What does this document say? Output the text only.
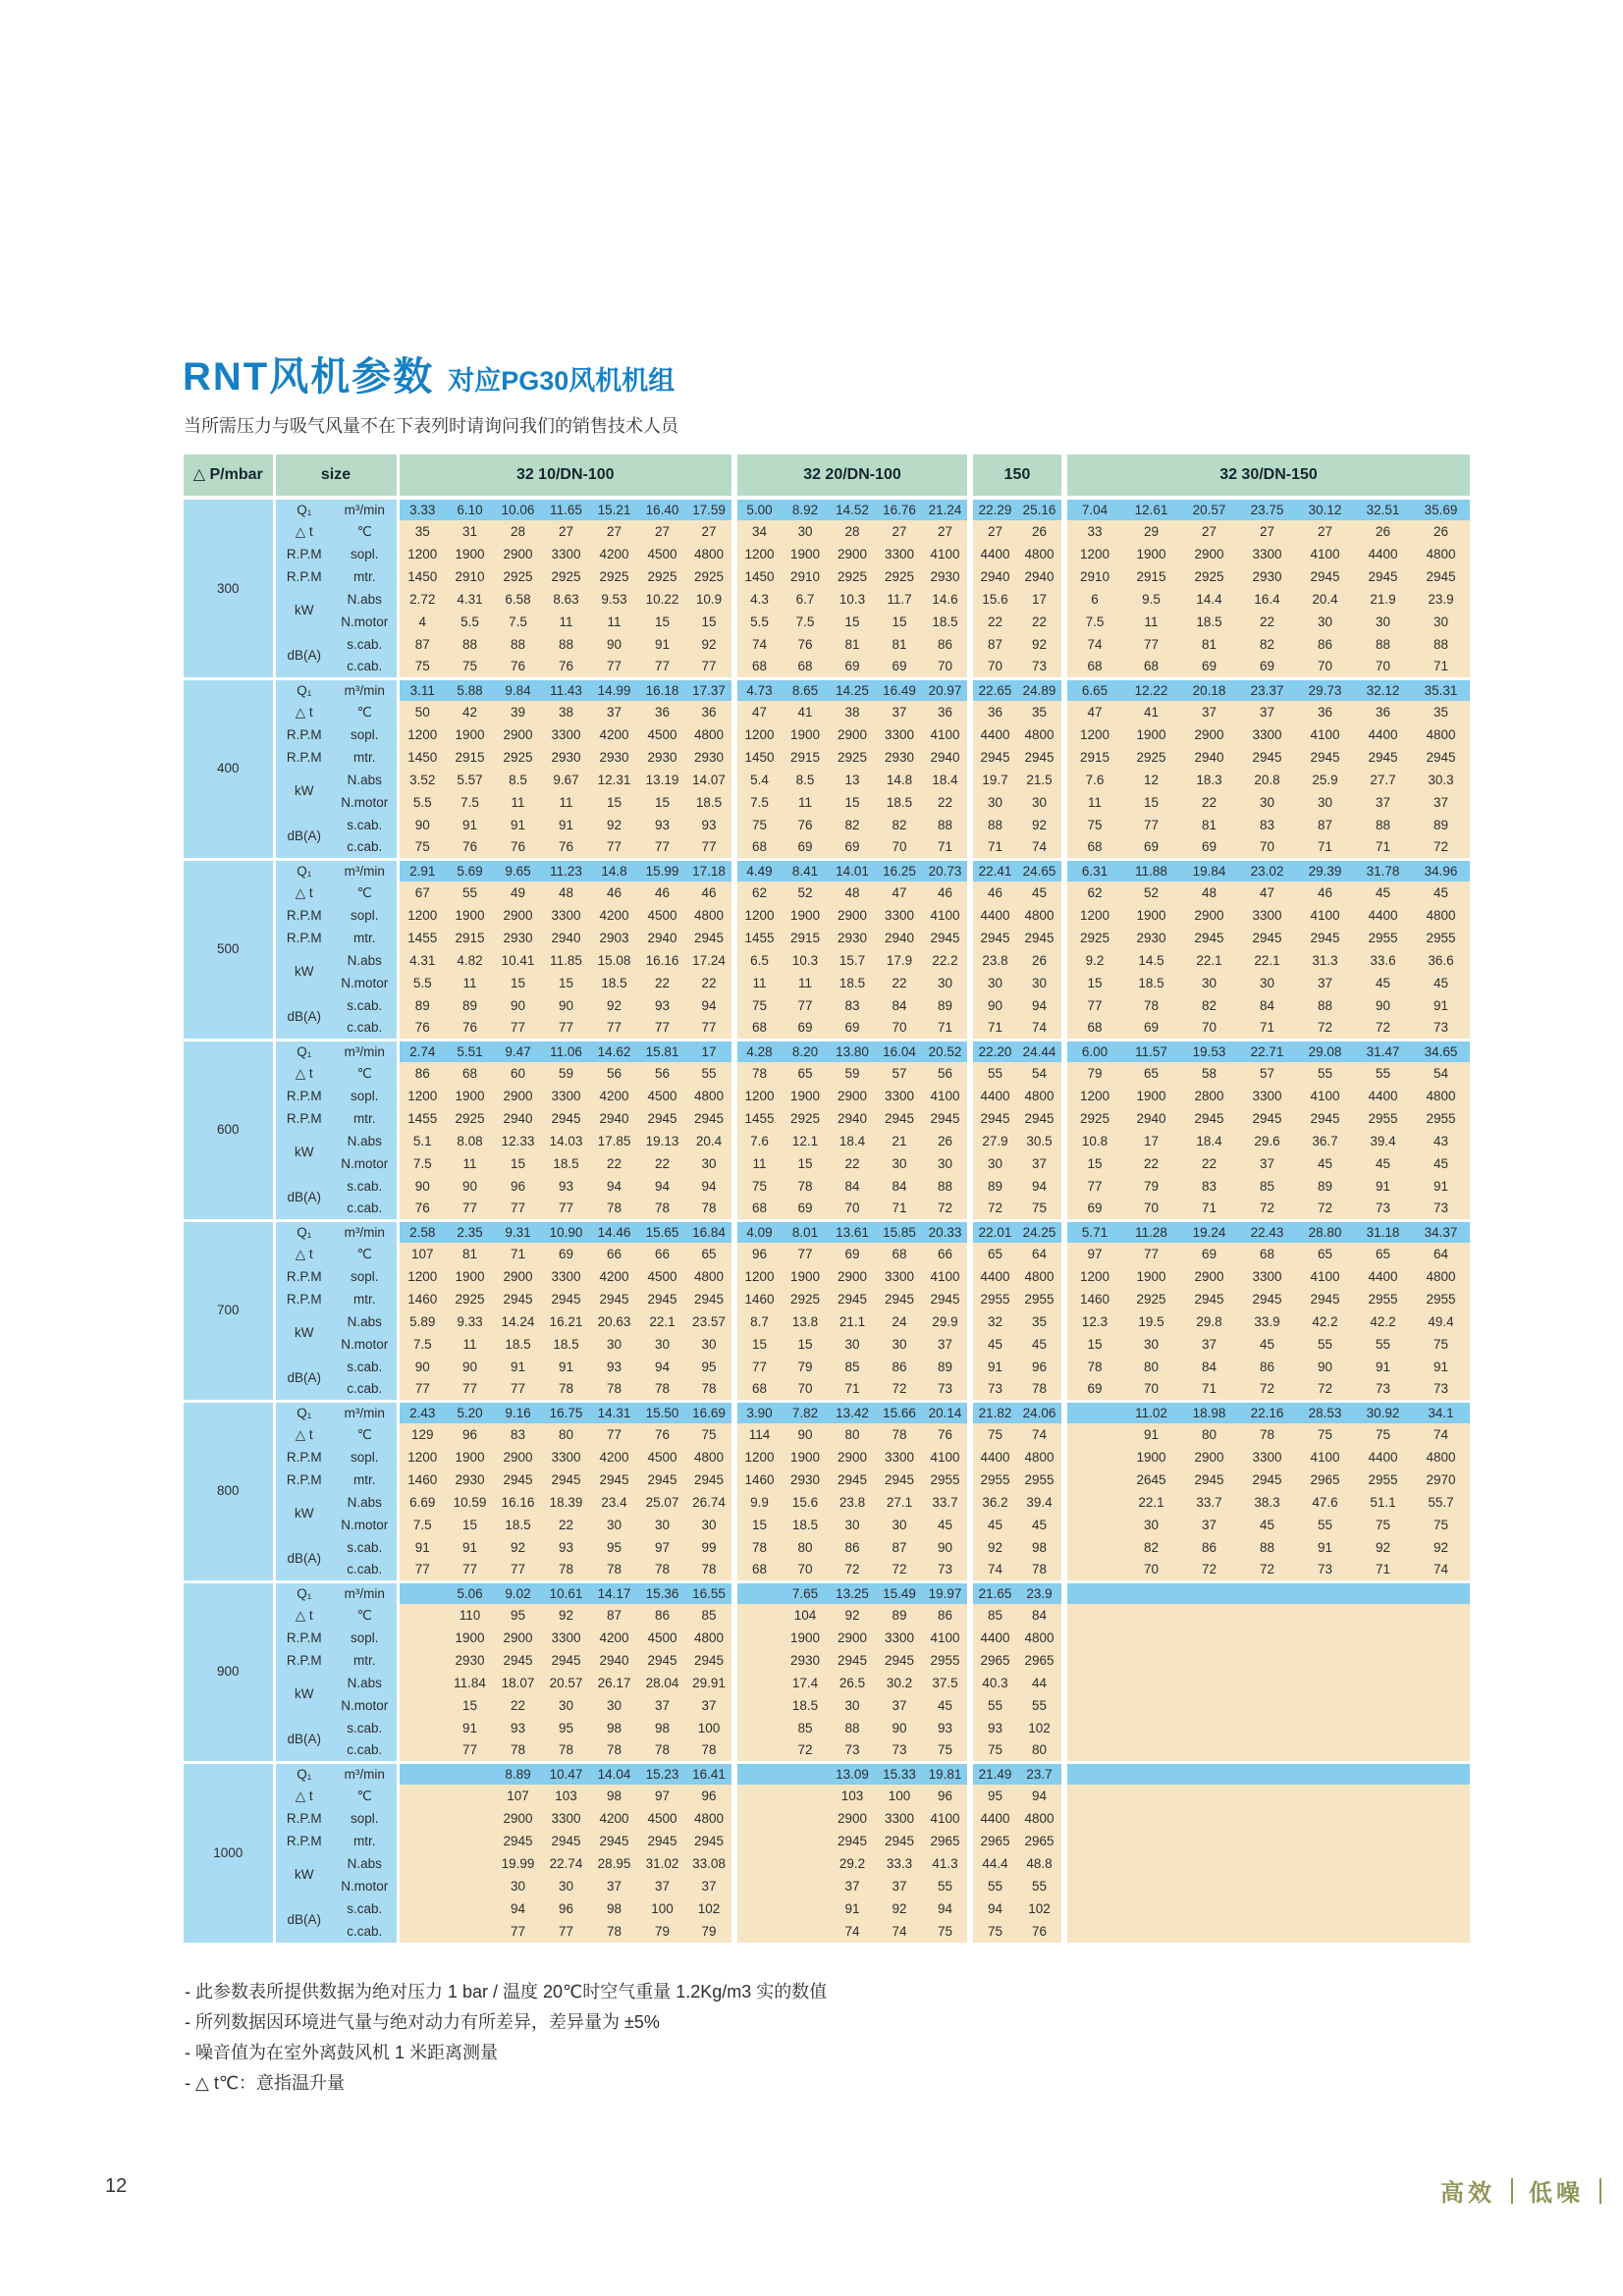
RNT风机参数 对应PG30风机机组
当所需压力与吸气风量不在下表列时请询问我们的销售技术人员
△ P/mbar	size		32 10/DN-100							32 20/DN-100					150		32 30/DN-150						
300	Q₁	m³/min	3.33	6.10	10.06	11.65	15.21	16.40	17.59	5.00	8.92	14.52	16.76	21.24	22.29	25.16	7.04	12.61	20.57	23.75	30.12	32.51	35.69
	△ t	℃	35	31	28	27	27	27	27	34	30	28	27	27	27	26	33	29	27	27	27	26	26
	R.P.M	sopl.	1200	1900	2900	3300	4200	4500	4800	1200	1900	2900	3300	4100	4400	4800	1200	1900	2900	3300	4100	4400	4800
	R.P.M	mtr.	1450	2910	2925	2925	2925	2925	2925	1450	2910	2925	2925	2930	2940	2940	2910	2915	2925	2930	2945	2945	2945
	kW	N.abs	2.72	4.31	6.58	8.63	9.53	10.22	10.9	4.3	6.7	10.3	11.7	14.6	15.6	17	6	9.5	14.4	16.4	20.4	21.9	23.9
		N.motor	4	5.5	7.5	11	11	15	15	5.5	7.5	15	15	18.5	22	22	7.5	11	18.5	22	30	30	30
	dB(A)	s.cab.	87	88	88	88	90	91	92	74	76	81	81	86	87	92	74	77	81	82	86	88	88
		c.cab.	75	75	76	76	77	77	77	68	68	69	69	70	70	73	68	68	69	69	70	70	71
400	Q₁	m³/min	3.11	5.88	9.84	11.43	14.99	16.18	17.37	4.73	8.65	14.25	16.49	20.97	22.65	24.89	6.65	12.22	20.18	23.37	29.73	32.12	35.31
	△ t	℃	50	42	39	38	37	36	36	47	41	38	37	36	36	35	47	41	37	37	36	36	35
	R.P.M	sopl.	1200	1900	2900	3300	4200	4500	4800	1200	1900	2900	3300	4100	4400	4800	1200	1900	2900	3300	4100	4400	4800
	R.P.M	mtr.	1450	2915	2925	2930	2930	2930	2930	1450	2915	2925	2930	2940	2945	2945	2915	2925	2940	2945	2945	2945	2945
	kW	N.abs	3.52	5.57	8.5	9.67	12.31	13.19	14.07	5.4	8.5	13	14.8	18.4	19.7	21.5	7.6	12	18.3	20.8	25.9	27.7	30.3
		N.motor	5.5	7.5	11	11	15	15	18.5	7.5	11	15	18.5	22	30	30	11	15	22	30	30	37	37
	dB(A)	s.cab.	90	91	91	91	92	93	93	75	76	82	82	88	88	92	75	77	81	83	87	88	89
		c.cab.	75	76	76	76	77	77	77	68	69	69	70	71	71	74	68	69	69	70	71	71	72
500	Q₁	m³/min	2.91	5.69	9.65	11.23	14.8	15.99	17.18	4.49	8.41	14.01	16.25	20.73	22.41	24.65	6.31	11.88	19.84	23.02	29.39	31.78	34.96
	△ t	℃	67	55	49	48	46	46	46	62	52	48	47	46	46	45	62	52	48	47	46	45	45
	R.P.M	sopl.	1200	1900	2900	3300	4200	4500	4800	1200	1900	2900	3300	4100	4400	4800	1200	1900	2900	3300	4100	4400	4800
	R.P.M	mtr.	1455	2915	2930	2940	2903	2940	2945	1455	2915	2930	2940	2945	2945	2945	2925	2930	2945	2945	2945	2955	2955
	kW	N.abs	4.31	4.82	10.41	11.85	15.08	16.16	17.24	6.5	10.3	15.7	17.9	22.2	23.8	26	9.2	14.5	22.1	22.1	31.3	33.6	36.6
		N.motor	5.5	11	15	15	18.5	22	22	11	11	18.5	22	30	30	30	15	18.5	30	30	37	45	45
	dB(A)	s.cab.	89	89	90	90	92	93	94	75	77	83	84	89	90	94	77	78	82	84	88	90	91
		c.cab.	76	76	77	77	77	77	77	68	69	69	70	71	71	74	68	69	70	71	72	72	73
600	Q₁	m³/min	2.74	5.51	9.47	11.06	14.62	15.81	17	4.28	8.20	13.80	16.04	20.52	22.20	24.44	6.00	11.57	19.53	22.71	29.08	31.47	34.65
	△ t	℃	86	68	60	59	56	56	55	78	65	59	57	56	55	54	79	65	58	57	55	55	54
	R.P.M	sopl.	1200	1900	2900	3300	4200	4500	4800	1200	1900	2900	3300	4100	4400	4800	1200	1900	2800	3300	4100	4400	4800
	R.P.M	mtr.	1455	2925	2940	2945	2940	2945	2945	1455	2925	2940	2945	2945	2945	2945	2925	2940	2945	2945	2945	2955	2955
	kW	N.abs	5.1	8.08	12.33	14.03	17.85	19.13	20.4	7.6	12.1	18.4	21	26	27.9	30.5	10.8	17	18.4	29.6	36.7	39.4	43
		N.motor	7.5	11	15	18.5	22	22	30	11	15	22	30	30	30	37	15	22	22	37	45	45	45
	dB(A)	s.cab.	90	90	96	93	94	94	94	75	78	84	84	88	89	94	77	79	83	85	89	91	91
		c.cab.	76	77	77	77	78	78	78	68	69	70	71	72	72	75	69	70	71	72	72	73	73
700	Q₁	m³/min	2.58	2.35	9.31	10.90	14.46	15.65	16.84	4.09	8.01	13.61	15.85	20.33	22.01	24.25	5.71	11.28	19.24	22.43	28.80	31.18	34.37
	△ t	℃	107	81	71	69	66	66	65	96	77	69	68	66	65	64	97	77	69	68	65	65	64
	R.P.M	sopl.	1200	1900	2900	3300	4200	4500	4800	1200	1900	2900	3300	4100	4400	4800	1200	1900	2900	3300	4100	4400	4800
	R.P.M	mtr.	1460	2925	2945	2945	2945	2945	2945	1460	2925	2945	2945	2945	2955	2955	1460	2925	2945	2945	2945	2955	2955
	kW	N.abs	5.89	9.33	14.24	16.21	20.63	22.1	23.57	8.7	13.8	21.1	24	29.9	32	35	12.3	19.5	29.8	33.9	42.2	42.2	49.4
		N.motor	7.5	11	18.5	18.5	30	30	30	15	15	30	30	37	45	45	15	30	37	45	55	55	75
	dB(A)	s.cab.	90	90	91	91	93	94	95	77	79	85	86	89	91	96	78	80	84	86	90	91	91
		c.cab.	77	77	77	78	78	78	78	68	70	71	72	73	73	78	69	70	71	72	72	73	73
800	Q₁	m³/min	2.43	5.20	9.16	16.75	14.31	15.50	16.69	3.90	7.82	13.42	15.66	20.14	21.82	24.06		11.02	18.98	22.16	28.53	30.92	34.1
	△ t	℃	129	96	83	80	77	76	75	114	90	80	78	76	75	74		91	80	78	75	75	74
	R.P.M	sopl.	1200	1900	2900	3300	4200	4500	4800	1200	1900	2900	3300	4100	4400	4800		1900	2900	3300	4100	4400	4800
	R.P.M	mtr.	1460	2930	2945	2945	2945	2945	2945	1460	2930	2945	2945	2955	2955	2955		2645	2945	2945	2965	2955	2970
	kW	N.abs	6.69	10.59	16.16	18.39	23.4	25.07	26.74	9.9	15.6	23.8	27.1	33.7	36.2	39.4		22.1	33.7	38.3	47.6	51.1	55.7
		N.motor	7.5	15	18.5	22	30	30	30	15	18.5	30	30	45	45	45		30	37	45	55	75	75
	dB(A)	s.cab.	91	91	92	93	95	97	99	78	80	86	87	90	92	98		82	86	88	91	92	92
		c.cab.	77	77	77	78	78	78	78	68	70	72	72	73	74	78		70	72	72	73	71	74
900	Q₁	m³/min		5.06	9.02	10.61	14.17	15.36	16.55		7.65	13.25	15.49	19.97	21.65	23.9							
	△ t	℃		110	95	92	87	86	85		104	92	89	86	85	84							
	R.P.M	sopl.		1900	2900	3300	4200	4500	4800		1900	2900	3300	4100	4400	4800							
	R.P.M	mtr.		2930	2945	2945	2940	2945	2945		2930	2945	2945	2955	2965	2965							
	kW	N.abs		11.84	18.07	20.57	26.17	28.04	29.91		17.4	26.5	30.2	37.5	40.3	44							
		N.motor		15	22	30	30	37	37		18.5	30	37	45	55	55							
	dB(A)	s.cab.		91	93	95	98	98	100		85	88	90	93	93	102							
		c.cab.		77	78	78	78	78	78		72	73	73	75	75	80							
1000	Q₁	m³/min			8.89	10.47	14.04	15.23	16.41			13.09	15.33	19.81	21.49	23.7							
	△ t	℃			107	103	98	97	96			103	100	96	95	94							
	R.P.M	sopl.			2900	3300	4200	4500	4800			2900	3300	4100	4400	4800							
	R.P.M	mtr.			2945	2945	2945	2945	2945			2945	2945	2965	2965	2965							
	kW	N.abs			19.99	22.74	28.95	31.02	33.08			29.2	33.3	41.3	44.4	48.8							
		N.motor			30	30	37	37	37			37	37	55	55	55							
	dB(A)	s.cab.			94	96	98	100	102			91	92	94	94	102							
		c.cab.			77	77	78	79	79			74	74	75	75	76							
- 此参数表所提供数据为绝对压力 1 bar / 温度 20℃时空气重量 1.2Kg/m3 实的数值
- 所列数据因环境进气量与绝对动力有所差异，差异量为 ±5%
- 噪音值为在室外离鼓风机 1 米距离测量
- △ t℃：意指温升量
12	高效 低噪
